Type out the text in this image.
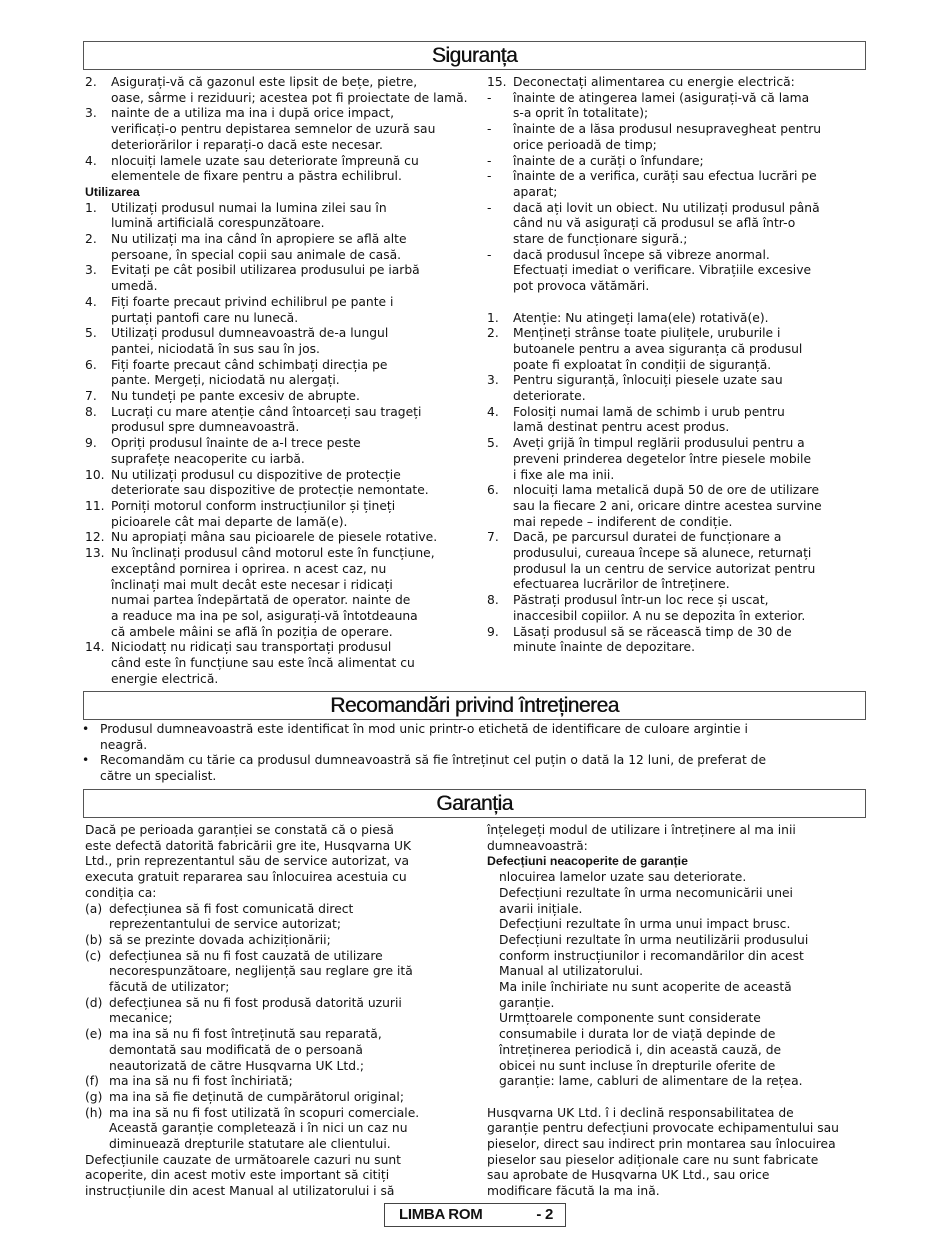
Siguranța
2.	Asigurați-vă că gazonul este lipsit de bețe, pietre,
oase, sârme i reziduuri; acestea pot fi proiectate de lamă.
3.	nainte de a utiliza ma ina i după orice impact,
verificați-o pentru depistarea semnelor de uzură sau
deteriorărilor i reparați-o dacă este necesar.
4.	nlocuiți lamele uzate sau deteriorate împreună cu
elementele de fixare pentru a păstra echilibrul.
Utilizarea
1.	Utilizați produsul numai la lumina zilei sau în
lumină artificială corespunzătoare.
2.	Nu utilizați ma ina când în apropiere se află alte
persoane, în special copii sau animale de casă.
3.	Evitați pe cât posibil utilizarea produsului pe iarbă
umedă.
4.	Fiți foarte precaut privind echilibrul pe pante i
purtați pantofi care nu lunecă.
5.	Utilizați produsul dumneavoastră de-a lungul
pantei, niciodată în sus sau în jos.
6.	Fiți foarte precaut când schimbați direcția pe
pante. Mergeți, niciodată nu alergați.
7.	Nu tundeți pe pante excesiv de abrupte.
8.	Lucrați cu mare atenție când întoarceți sau trageți
produsul spre dumneavoastră.
9.	Opriți produsul înainte de a-l trece peste
suprafețe neacoperite cu iarbă.
10. Nu utilizați produsul cu dispozitive de protecție
deteriorate sau dispozitive de protecție nemontate.
11. Porniți motorul conform instrucțiunilor și țineți
picioarele cât mai departe de lamă(e).
12. Nu apropiați mâna sau picioarele de piesele rotative.
13. Nu înclinați produsul când motorul este în funcțiune,
exceptând pornirea i oprirea. n acest caz, nu
înclinați mai mult decât este necesar i ridicați
numai partea îndepărtată de operator. nainte de
a readuce ma ina pe sol, asigurați-vă întotdeauna
că ambele mâini se află în poziția de operare.
14. Niciodatț nu ridicați sau transportați produsul
când este în funcțiune sau este încă alimentat cu
energie electrică.
15. Deconectați alimentarea cu energie electrică:
-	înainte de atingerea lamei (asigurați-vă că lama
s-a oprit în totalitate);
-	înainte de a lăsa produsul nesupravegheat pentru
orice perioadă de timp;
-	înainte de a curăți o înfundare;
-	înainte de a verifica, curăți sau efectua lucrări pe
aparat;
-	dacă ați lovit un obiect. Nu utilizați produsul până
când nu vă asigurați că produsul se află într-o
stare de funcționare sigură.;
-	dacă produsul începe să vibreze anormal.
Efectuați imediat o verificare. Vibrațiile excesive
pot provoca vătămări.
1.	Atenție: Nu atingeți lama(ele) rotativă(e).
2.	Mențineți strânse toate piulițele, uruburile i
butoanele pentru a avea siguranța că produsul
poate fi exploatat în condiții de siguranță.
3.	Pentru siguranță, înlocuiți piesele uzate sau
deteriorate.
4.	Folosiți numai lamă de schimb i urub pentru
lamă destinat pentru acest produs.
5.	Aveți grijă în timpul reglării produsului pentru a
preveni prinderea degetelor între piesele mobile
i fixe ale ma inii.
6.	nlocuiți lama metalică după 50 de ore de utilizare
sau la fiecare 2 ani, oricare dintre acestea survine
mai repede – indiferent de condiție.
7.	Dacă, pe parcursul duratei de funcționare a
produsului, cureaua începe să alunece, returnați
produsul la un centru de service autorizat pentru
efectuarea lucrărilor de întreținere.
8.	Păstrați produsul într-un loc rece și uscat,
inaccesibil copiilor. A nu se depozita în exterior.
9.	Lăsați produsul să se răcească timp de 30 de
minute înainte de depozitare.
Recomandări privind întreținerea
• Produsul dumneavoastră este identificat în mod unic printr-o etichetă de identificare de culoare argintie i
neagră.
• Recomandăm cu tărie ca produsul dumneavoastră să fie întreținut cel puțin o dată la 12 luni, de preferat de
către un specialist.
Garanția
Dacă pe perioada garanției se constată că o piesă
este defectă datorită fabricării gre ite, Husqvarna UK
Ltd., prin reprezentantul său de service autorizat, va
executa gratuit repararea sau înlocuirea acestuia cu
condiția ca:
(a) defecțiunea să fi fost comunicată direct
reprezentantului de service autorizat;
(b) să se prezinte dovada achiziționării;
(c) defecțiunea să nu fi fost cauzată de utilizare
necorespunzătoare, neglijență sau reglare gre ită
făcută de utilizator;
(d) defecțiunea să nu fi fost produsă datorită uzurii
mecanice;
(e) ma ina să nu fi fost întreținută sau reparată,
demontată sau modificată de o persoană
neautorizată de către Husqvarna UK Ltd.;
(f) ma ina să nu fi fost închiriată;
(g) ma ina să fie deținută de cumpărătorul original;
(h) ma ina să nu fi fost utilizată în scopuri comerciale.
Această garanție completează i în nici un caz nu
diminuează drepturile statutare ale clientului.
Defecțiunile cauzate de următoarele cazuri nu sunt
acoperite, din acest motiv este important să citiți
instrucțiunile din acest Manual al utilizatorului i să
înțelegeți modul de utilizare i întreținere al ma inii
dumneavoastră:
Defecțiuni neacoperite de garanție
nlocuirea lamelor uzate sau deteriorate.
Defecțiuni rezultate în urma necomunicării unei
avarii inițiale.
Defecțiuni rezultate în urma unui impact brusc.
Defecțiuni rezultate în urma neutilizării produsului
conform instrucțiunilor i recomandărilor din acest
Manual al utilizatorului.
Ma inile închiriate nu sunt acoperite de această
garanție.
Urmțtoarele componente sunt considerate
consumabile i durata lor de viață depinde de
întreținerea periodică i, din această cauză, de
obicei nu sunt incluse în drepturile oferite de
garanție: lame, cabluri de alimentare de la rețea.
Husqvarna UK Ltd. î i declină responsabilitatea de
garanție pentru defecțiuni provocate echipamentului sau
pieselor, direct sau indirect prin montarea sau înlocuirea
pieselor sau pieselor adiționale care nu sunt fabricate
sau aprobate de Husqvarna UK Ltd., sau orice
modificare făcută la ma ină.
LIMBA ROM	- 2
